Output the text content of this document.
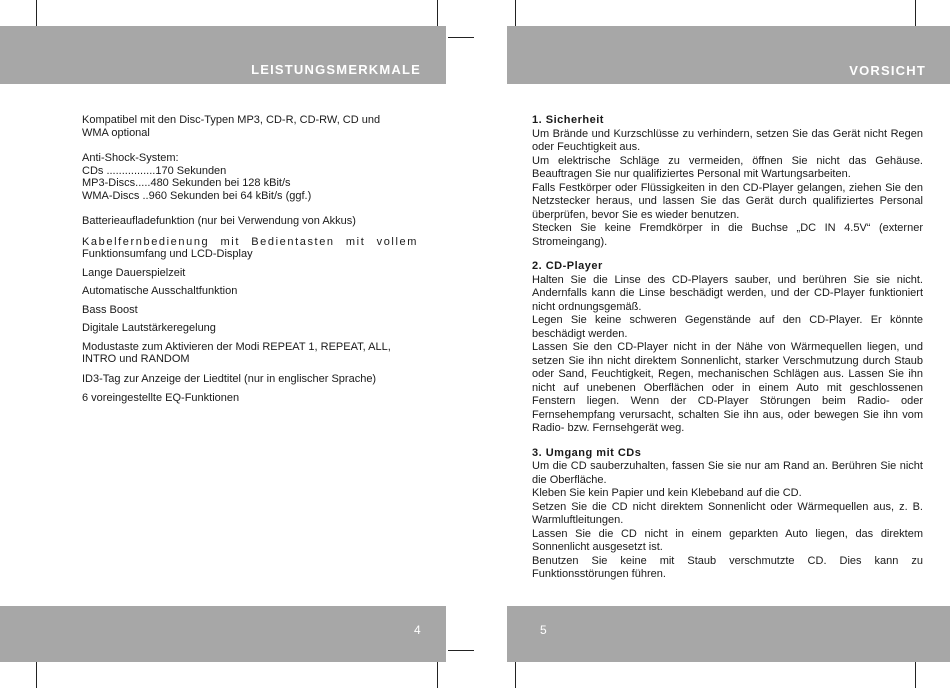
LEISTUNGSMERKMALE

Kompatibel mit den Disc-Typen MP3, CD-R, CD-RW, CD und

WMA optional

Anti-Shock-System:

CDs ................170 Sekunden

MP3-Discs.....480 Sekunden bei 128 kBit/s

WMA-Discs ..960 Sekunden bei 64 kBit/s (ggf.)

Batterieaufladefunktion (nur bei Verwendung von Akkus)

Kabelfernbedienung mit Bedientasten mit vollem

Funktionsumfang und LCD-Display

Lange Dauerspielzeit

Automatische Ausschaltfunktion

Bass Boost

Digitale Lautstärkeregelung

Modustaste zum Aktivieren der Modi REPEAT 1, REPEAT, ALL,

INTRO und RANDOM

ID3-Tag zur Anzeige der Liedtitel (nur in englischer Sprache)

6 voreingestellte EQ-Funktionen

4
VORSICHT
1. Sicherheit
Um Brände und Kurzschlüsse zu verhindern, setzen Sie das Gerät nicht Regen oder Feuchtigkeit aus.
Um elektrische Schläge zu vermeiden, öffnen Sie nicht das Gehäuse. Beauftragen Sie nur qualifiziertes Personal mit Wartungsarbeiten.
Falls Festkörper oder Flüssigkeiten in den CD-Player gelangen, ziehen Sie den Netzstecker heraus, und lassen Sie das Gerät durch qualifiziertes Personal überprüfen, bevor Sie es wieder benutzen.
Stecken Sie keine Fremdkörper in die Buchse „DC IN 4.5V“ (externer Stromeingang).
2. CD-Player
Halten Sie die Linse des CD-Players sauber, und berühren Sie sie nicht. Andernfalls kann die Linse beschädigt werden, und der CD-Player funktioniert nicht ordnungsgemäß.
Legen Sie keine schweren Gegenstände auf den CD-Player. Er könnte beschädigt werden.
Lassen Sie den CD-Player nicht in der Nähe von Wärmequellen liegen, und setzen Sie ihn nicht direktem Sonnenlicht, starker Verschmutzung durch Staub oder Sand, Feuchtigkeit, Regen, mechanischen Schlägen aus. Lassen Sie ihn nicht auf unebenen Oberflächen oder in einem Auto mit geschlossenen Fenstern liegen. Wenn der CD-Player Störungen beim Radio- oder Fernsehempfang verursacht, schalten Sie ihn aus, oder bewegen Sie ihn vom Radio- bzw. Fernsehgerät weg.
3. Umgang mit CDs
Um die CD sauberzuhalten, fassen Sie sie nur am Rand an. Berühren Sie nicht die Oberfläche.
Kleben Sie kein Papier und kein Klebeband auf die CD.
Setzen Sie die CD nicht direktem Sonnenlicht oder Wärmequellen aus, z. B. Warmluftleitungen.
Lassen Sie die CD nicht in einem geparkten Auto liegen, das direktem Sonnenlicht ausgesetzt ist.
Benutzen Sie keine mit Staub verschmutzte CD. Dies kann zu Funktionsstörungen führen.
5
